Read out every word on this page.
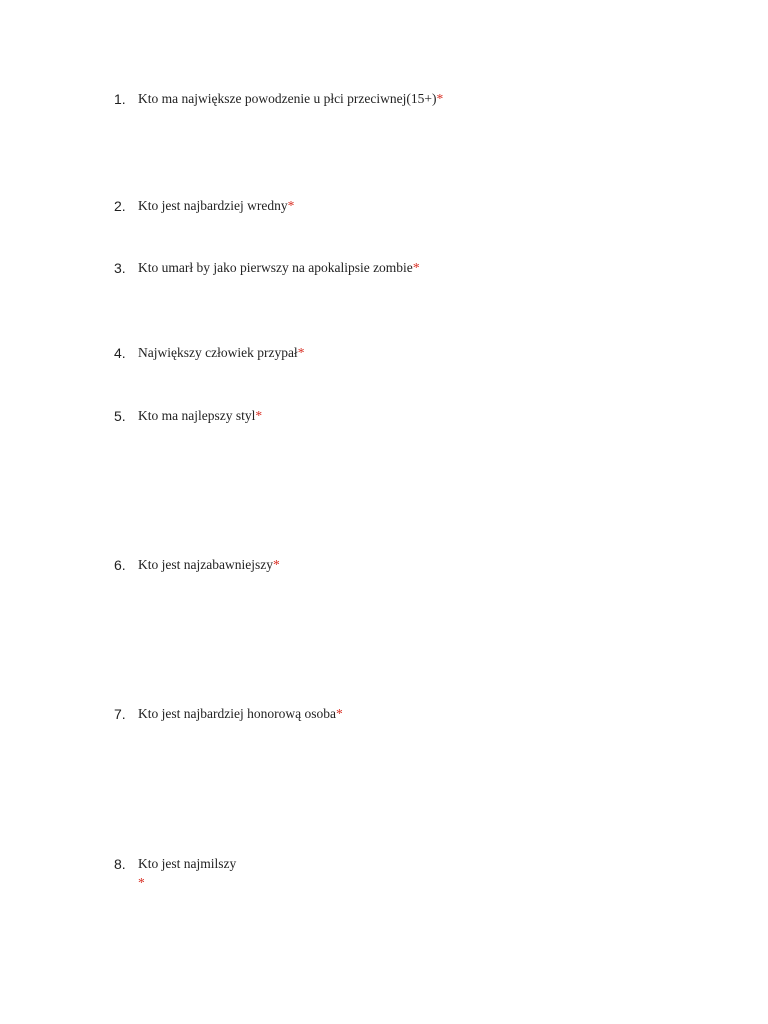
1. Kto ma największe powodzenie u płci przeciwnej(15+)*
2. Kto jest najbardziej wredny*
3. Kto umarł by jako pierwszy na apokalipsie zombie*
4. Największy człowiek przypał*
5. Kto ma najlepszy styl*
6. Kto jest najzabawniejszy*
7. Kto jest najbardziej honorową osoba*
8. Kto jest najmilszy
*
